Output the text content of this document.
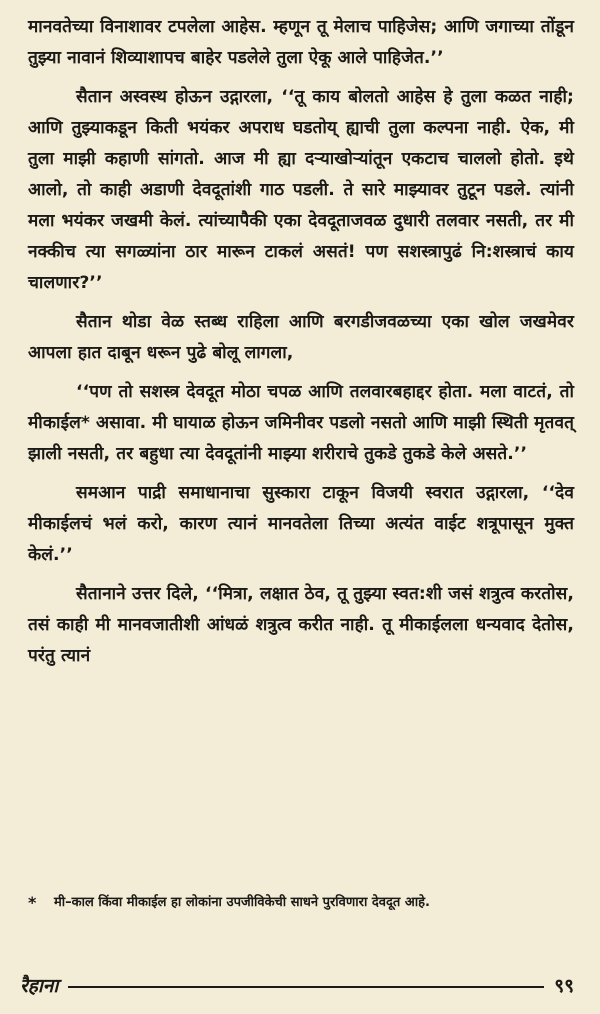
मानवतेच्या विनाशावर टपलेला आहेस. म्हणून तू मेलाच पाहिजेस; आणि जगाच्या तोंडून तुझ्या नावानं शिव्याशापच बाहेर पडलेले तुला ऐकू आले पाहिजेत.’’

सैतान अस्वस्थ होऊन उद्गारला, ‘‘तू काय बोलतो आहेस हे तुला कळत नाही; आणि तुझ्याकडून किती भयंकर अपराध घडतोय् ह्याची तुला कल्पना नाही. ऐक, मी तुला माझी कहाणी सांगतो. आज मी ह्या दऱ्याखोऱ्यांतून एकटाच चाललो होतो. इथे आलो, तो काही अडाणी देवदूतांशी गाठ पडली. ते सारे माझ्यावर तुटून पडले. त्यांनी मला भयंकर जखमी केलं. त्यांच्यापैकी एका देवदूताजवळ दुधारी तलवार नसती, तर मी नक्कीच त्या सगळ्यांना ठार मारून टाकलं असतं! पण सशस्त्रापुढं नि:शस्त्राचं काय चालणार?’’

सैतान थोडा वेळ स्तब्ध राहिला आणि बरगडीजवळच्या एका खोल जखमेवर आपला हात दाबून धरून पुढे बोलू लागला,

‘‘पण तो सशस्त्र देवदूत मोठा चपळ आणि तलवारबहाद्दर होता. मला वाटतं, तो मीकाईल* असावा. मी घायाळ होऊन जमिनीवर पडलो नसतो आणि माझी स्थिती मृतवत् झाली नसती, तर बहुधा त्या देवदूतांनी माझ्या शरीराचे तुकडे तुकडे केले असते.’’

समआन पाद्री समाधानाचा सुस्कारा टाकून विजयी स्वरात उद्गारला, ‘‘देव मीकाईलचं भलं करो, कारण त्यानं मानवतेला तिच्या अत्यंत वाईट शत्रूपासून मुक्त केलं.’’

सैतानाने उत्तर दिले, ‘‘मित्रा, लक्षात ठेव, तू तुझ्या स्वत:शी जसं शत्रुत्व करतोस, तसं काही मी मानवजातीशी आंधळं शत्रुत्व करीत नाही. तू मीकाईलला धन्यवाद देतोस, परंतु त्यानं

*	मी–काल किंवा मीकाईल हा लोकांना उपजीविकेची साधने पुरविणारा देवदूत आहे.
रैहाना	९९
